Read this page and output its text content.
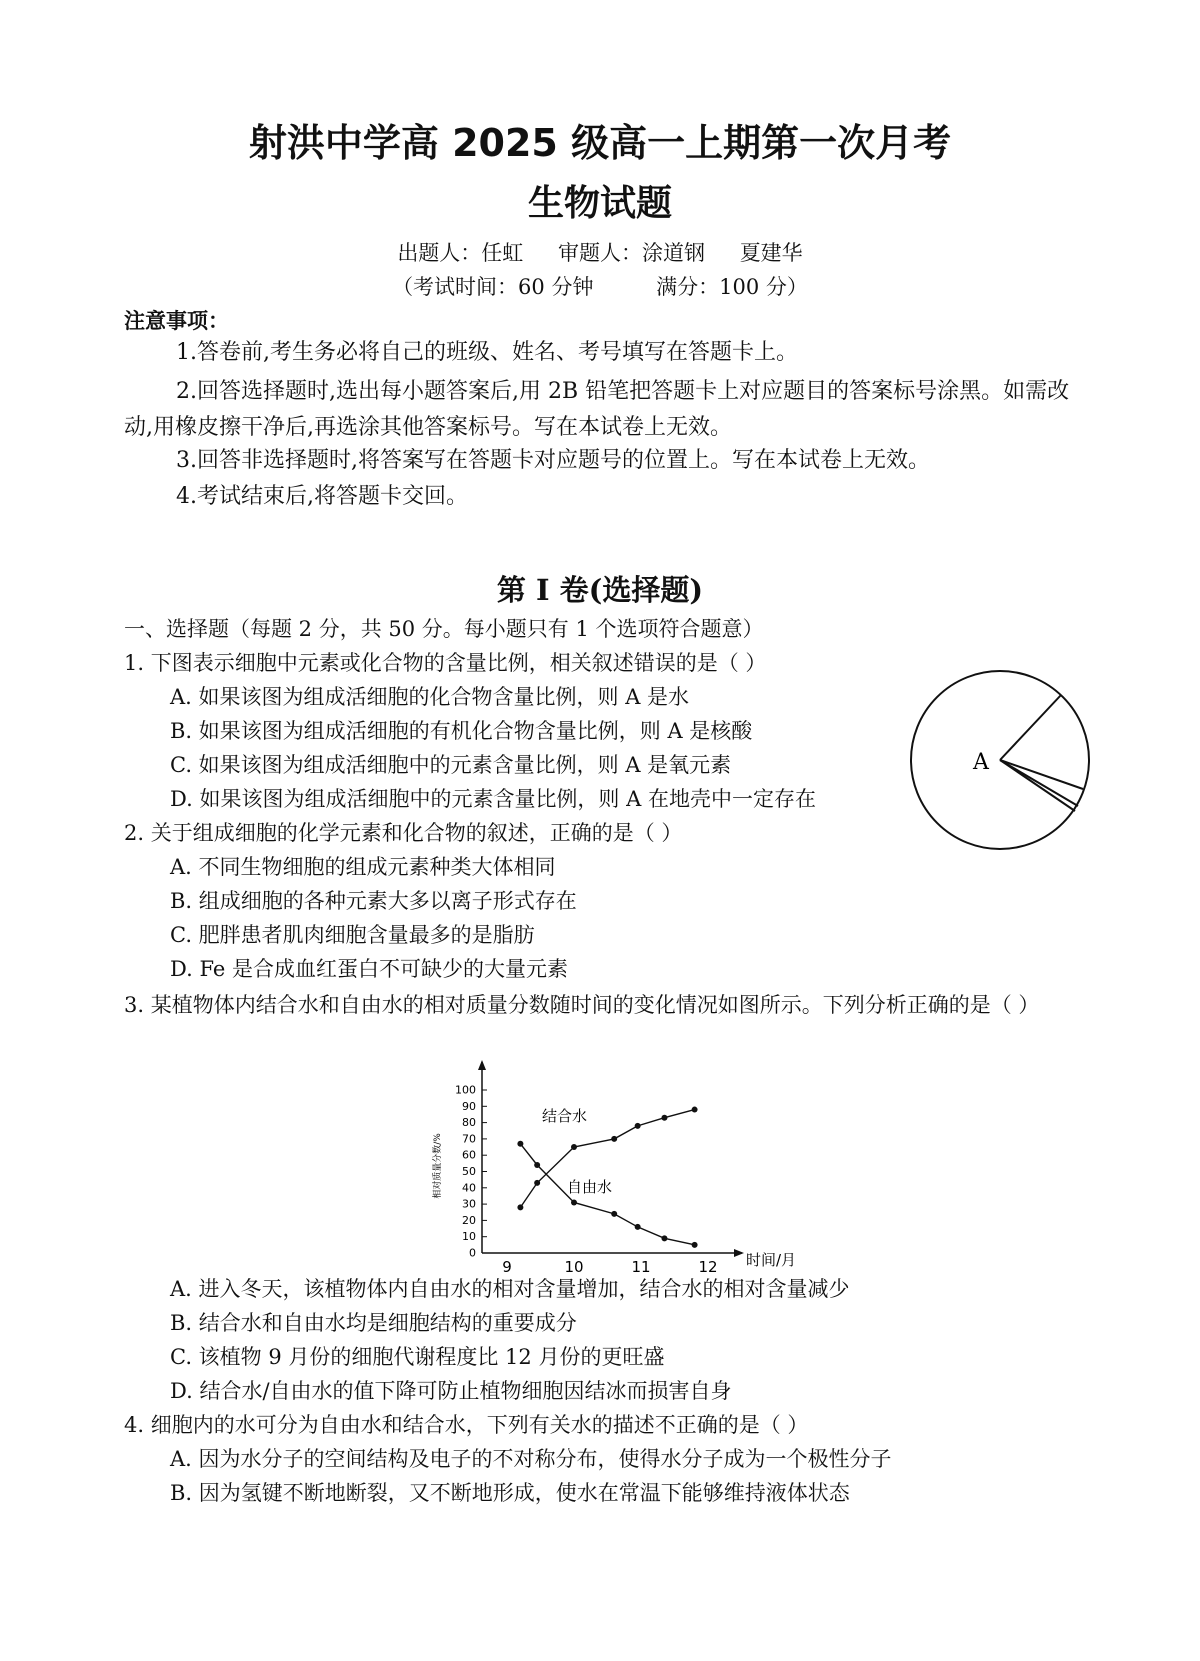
射洪中学高 2025 级高一上期第一次月考
生物试题
出题人：任虹 审题人：涂道钢 夏建华
（考试时间：60 分钟	满分：100 分）
注意事项：
1.答卷前,考生务必将自己的班级、姓名、考号填写在答题卡上。
2.回答选择题时,选出每小题答案后,用 2B 铅笔把答题卡上对应题目的答案标号涂黑。如需改动,用橡皮擦干净后,再选涂其他答案标号。写在本试卷上无效。
3.回答非选择题时,将答案写在答题卡对应题号的位置上。写在本试卷上无效。
4.考试结束后,将答题卡交回。
第 I 卷(选择题)
一、选择题（每题 2 分，共 50 分。每小题只有 1 个选项符合题意）
1. 下图表示细胞中元素或化合物的含量比例，相关叙述错误的是（ ）
A. 如果该图为组成活细胞的化合物含量比例，则 A 是水
B. 如果该图为组成活细胞的有机化合物含量比例，则 A 是核酸
C. 如果该图为组成活细胞中的元素含量比例，则 A 是氧元素
D. 如果该图为组成活细胞中的元素含量比例，则 A 在地壳中一定存在
A
2. 关于组成细胞的化学元素和化合物的叙述，正确的是（ ）
A. 不同生物细胞的组成元素种类大体相同
B. 组成细胞的各种元素大多以离子形式存在
C. 肥胖患者肌肉细胞含量最多的是脂肪
D. Fe 是合成血红蛋白不可缺少的大量元素
3. 某植物体内结合水和自由水的相对质量分数随时间的变化情况如图所示。下列分析正确的是（ ）
0
10
20
30
40
50
60
70
80
90
100
9	10	11	12
结合水
自由水
相对质量分数/%
时间/月
A. 进入冬天，该植物体内自由水的相对含量增加，结合水的相对含量减少
B. 结合水和自由水均是细胞结构的重要成分
C. 该植物 9 月份的细胞代谢程度比 12 月份的更旺盛
D. 结合水/自由水的值下降可防止植物细胞因结冰而损害自身
4. 细胞内的水可分为自由水和结合水，下列有关水的描述不正确的是（ ）
A. 因为水分子的空间结构及电子的不对称分布，使得水分子成为一个极性分子
B. 因为氢键不断地断裂，又不断地形成，使水在常温下能够维持液体状态
